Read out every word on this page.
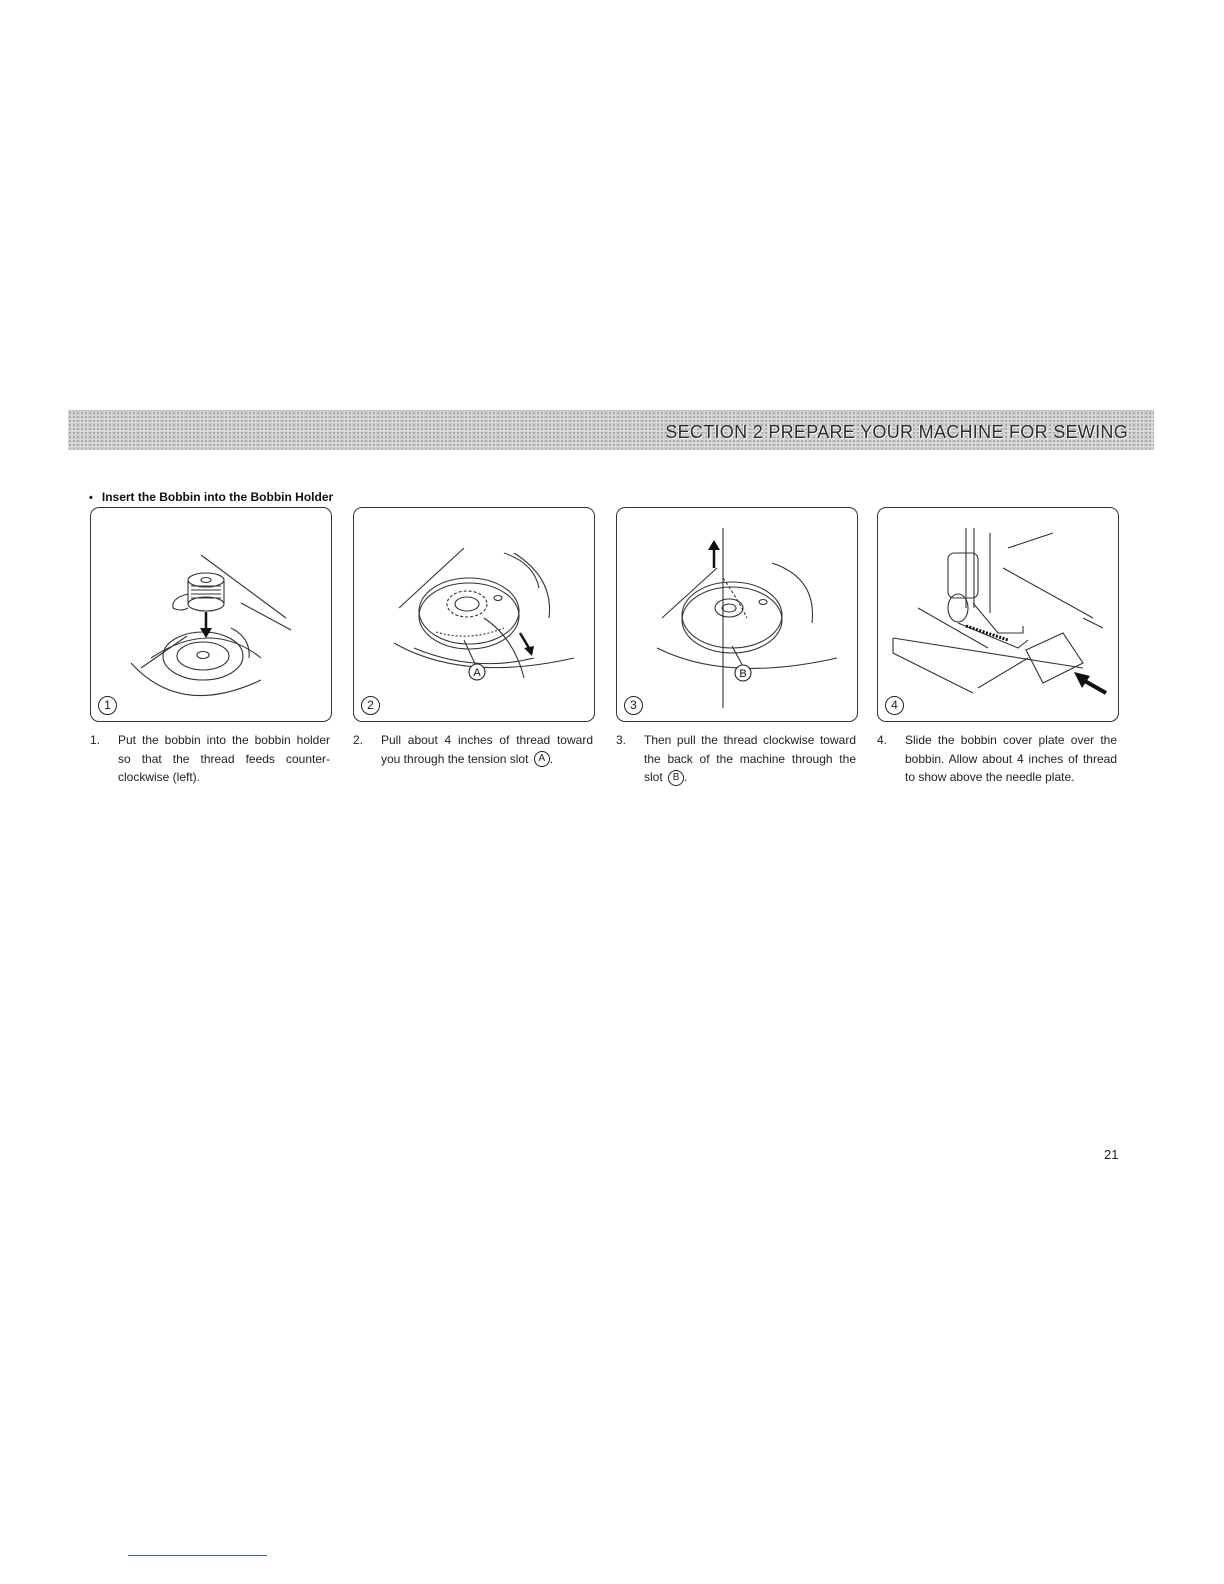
SECTION 2 PREPARE YOUR MACHINE FOR SEWING
• Insert the Bobbin into the Bobbin Holder
1
A
2
B
3	4
1. Put the bobbin into the bobbin holder so that the thread feeds counter-clockwise (left).
2. Pull about 4 inches of thread toward you through the tension slot A .
3. Then pull the thread clockwise toward the back of the machine through the slot B .
4. Slide the bobbin cover plate over the bobbin. Allow about 4 inches of thread to show above the needle plate.
21
